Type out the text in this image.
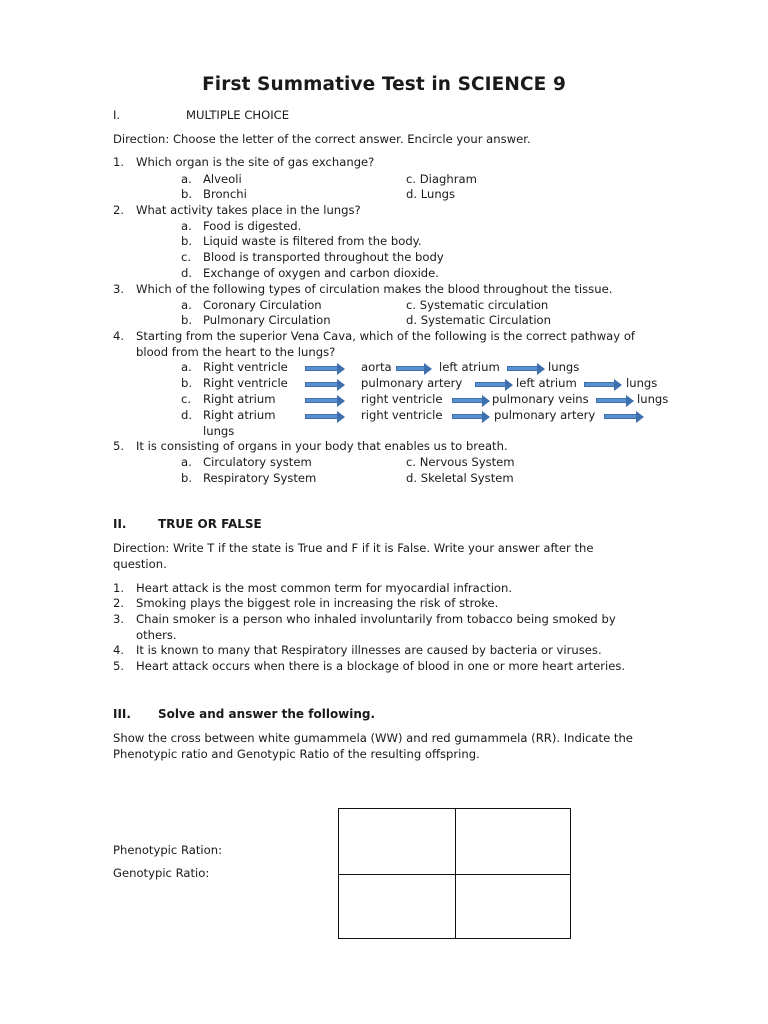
First Summative Test in SCIENCE 9
I.	MULTIPLE CHOICE
Direction: Choose the letter of the correct answer. Encircle your answer.
1. Which organ is the site of gas exchange?
a. Alveoli	c. Diaghram
b. Bronchi	d. Lungs
2. What activity takes place in the lungs?
a. Food is digested.
b. Liquid waste is filtered from the body.
c. Blood is transported throughout the body
d. Exchange of oxygen and carbon dioxide.
3. Which of the following types of circulation makes the blood throughout the tissue.
a. Coronary Circulation	c. Systematic circulation
b. Pulmonary Circulation	d. Systematic Circulation
4. Starting from the superior Vena Cava, which of the following is the correct pathway of
blood from the heart to the lungs?
a. Right ventricle	aorta	left atrium	lungs
b. Right ventricle	pulmonary artery	left atrium	lungs
c. Right atrium	right ventricle	pulmonary veins	lungs
d. Right atrium	right ventricle	pulmonary artery
lungs
5. It is consisting of organs in your body that enables us to breath.
a. Circulatory system	c. Nervous System
b. Respiratory System	d. Skeletal System
II.	TRUE OR FALSE
Direction: Write T if the state is True and F if it is False. Write your answer after the
question.
1. Heart attack is the most common term for myocardial infraction.
2. Smoking plays the biggest role in increasing the risk of stroke.
3. Chain smoker is a person who inhaled involuntarily from tobacco being smoked by
others.
4. It is known to many that Respiratory illnesses are caused by bacteria or viruses.
5. Heart attack occurs when there is a blockage of blood in one or more heart arteries.
III. Solve and answer the following.
Show the cross between white gumammela (WW) and red gumammela (RR). Indicate the
Phenotypic ratio and Genotypic Ratio of the resulting offspring.
Phenotypic Ration:
Genotypic Ratio:
